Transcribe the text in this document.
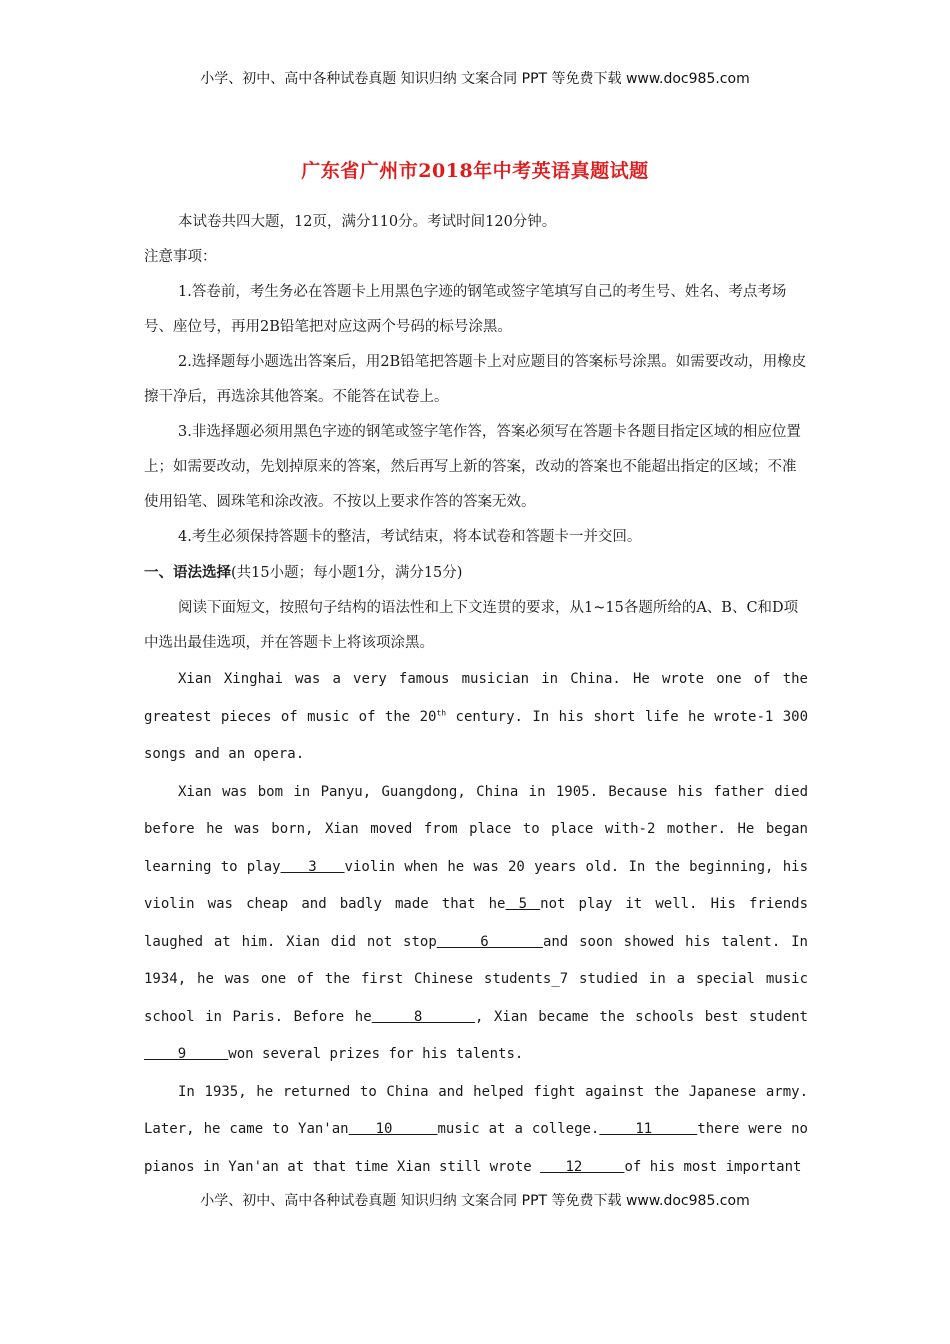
小学、初中、高中各种试卷真题 知识归纳 文案合同 PPT 等免费下载 www.doc985.com
广东省广州市2018年中考英语真题试题

本试卷共四大题，12页，满分110分。考试时间120分钟。

注意事项：

1.答卷前，考生务必在答题卡上用黑色字迹的钢笔或签字笔填写自己的考生号、姓名、考点考场号、座位号，再用2B铅笔把对应这两个号码的标号涂黑。

2.选择题每小题选出答案后，用2B铅笔把答题卡上对应题目的答案标号涂黑。如需要改动，用橡皮擦干净后，再选涂其他答案。不能答在试卷上。

3.非选择题必须用黑色字迹的钢笔或签字笔作答，答案必须写在答题卡各题目指定区域的相应位置上；如需要改动，先划掉原来的答案，然后再写上新的答案，改动的答案也不能超出指定的区域；不准使用铅笔、圆珠笔和涂改液。不按以上要求作答的答案无效。

4.考生必须保持答题卡的整洁，考试结束，将本试卷和答题卡一并交回。

一、语法选择(共15小题；每小题1分，满分15分)

阅读下面短文，按照句子结构的语法性和上下文连贯的要求，从1~15各题所给的A、B、C和D项中选出最佳选项，并在答题卡上将该项涂黑。

Xian Xinghai was a very famous musician in China. He wrote one of the greatest pieces of music of the 20th century. In his short life he wrote-1 300 songs and an opera.

Xian was bom in Panyu, Guangdong, China in 1905. Because his father died before he was born, Xian moved from place to place with-2 mother. He began learning to play   3   violin when he was 20 years old. In the beginning, his violin was cheap and badly made that he 5 not play it well. His friends laughed at him. Xian did not stop    6     and soon showed his talent. In 1934, he was one of the first Chinese students_7 studied in a special music school in Paris. Before he    8     , Xian became the schools best student    9     won several prizes for his talents.

In 1935, he returned to China and helped fight against the Japanese army. Later, he came to Yan'an   10     music at a college.    11     there were no pianos in Yan'an at that time Xian still wrote    12     of his most important

小学、初中、高中各种试卷真题 知识归纳 文案合同 PPT 等免费下载 www.doc985.com
